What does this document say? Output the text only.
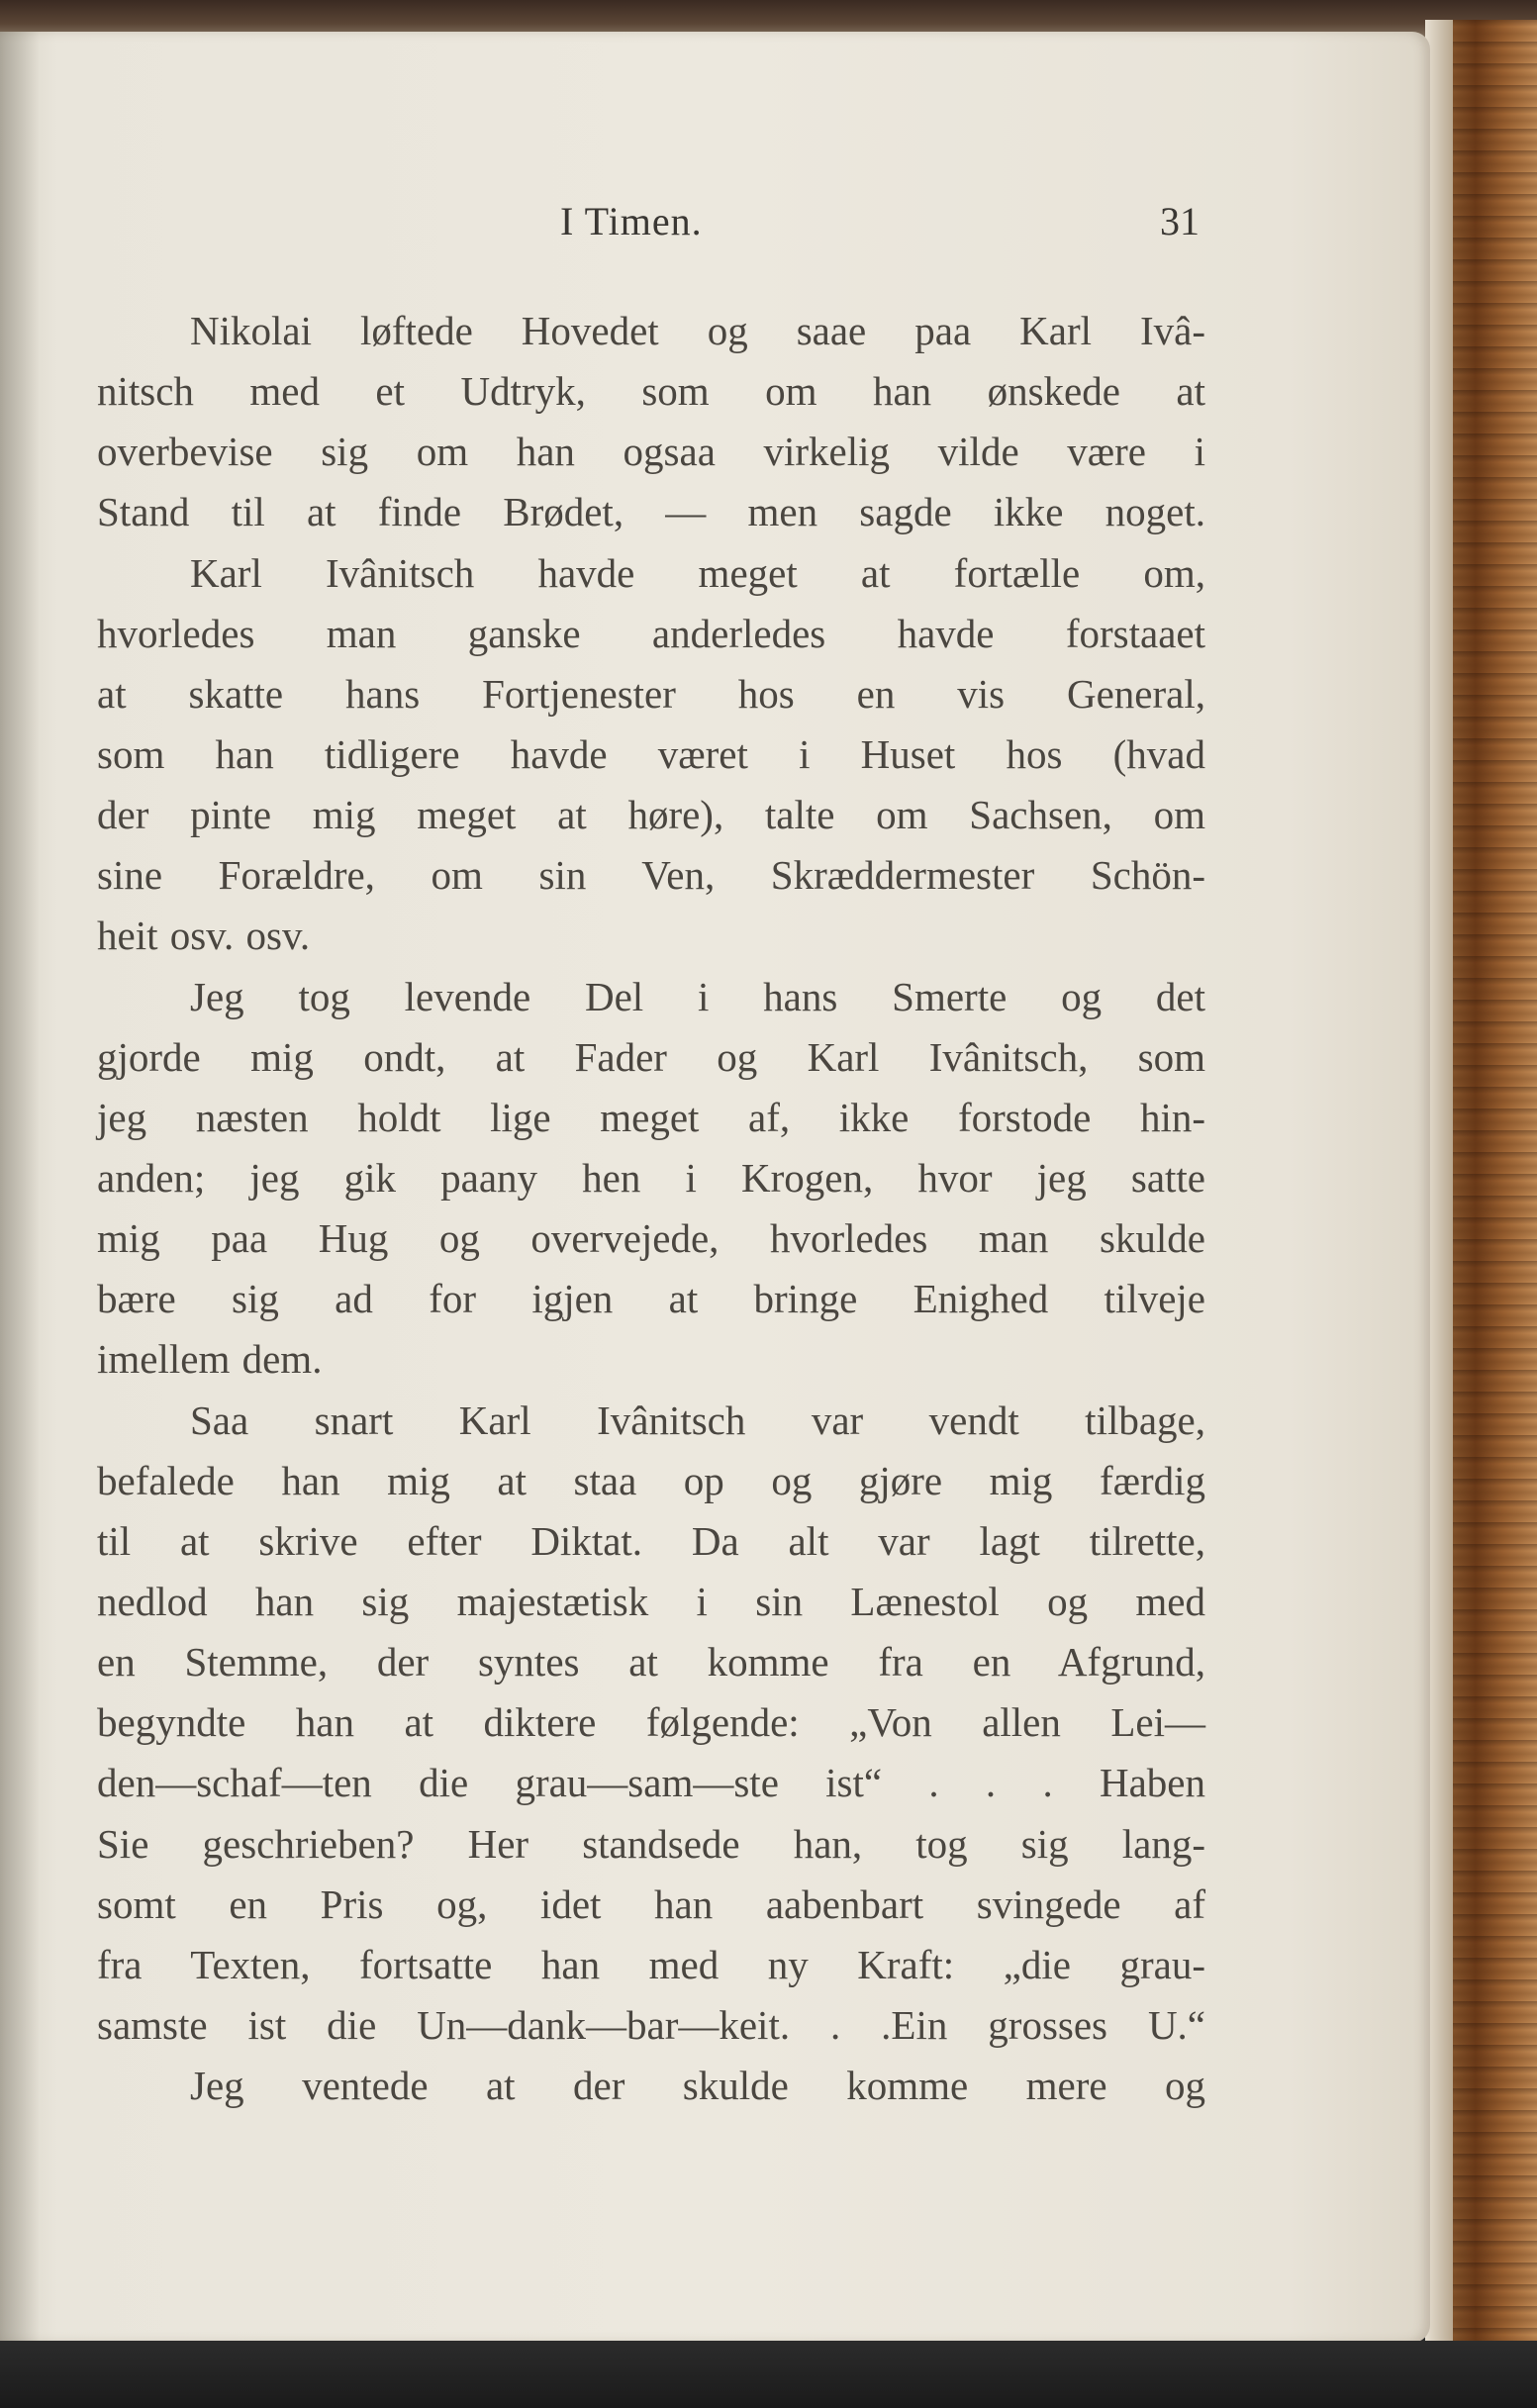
I Timen.	31
Nikolai løftede Hovedet og saae paa Karl Ivâ-
nitsch med et Udtryk, som om han ønskede at
overbevise sig om han ogsaa virkelig vilde være i
Stand til at finde Brødet, — men sagde ikke noget.
Karl Ivânitsch havde meget at fortælle om,
hvorledes man ganske anderledes havde forstaaet
at skatte hans Fortjenester hos en vis General,
som han tidligere havde været i Huset hos (hvad
der pinte mig meget at høre), talte om Sachsen, om
sine Forældre, om sin Ven, Skræddermester Schön-
heit osv. osv.
Jeg tog levende Del i hans Smerte og det
gjorde mig ondt, at Fader og Karl Ivânitsch, som
jeg næsten holdt lige meget af, ikke forstode hin-
anden; jeg gik paany hen i Krogen, hvor jeg satte
mig paa Hug og overvejede, hvorledes man skulde
bære sig ad for igjen at bringe Enighed tilveje
imellem dem.
Saa snart Karl Ivânitsch var vendt tilbage,
befalede han mig at staa op og gjøre mig færdig
til at skrive efter Diktat. Da alt var lagt tilrette,
nedlod han sig majestætisk i sin Lænestol og med
en Stemme, der syntes at komme fra en Afgrund,
begyndte han at diktere følgende: „Von allen Lei—
den—schaf—ten die grau—sam—ste ist“ . . . Haben
Sie geschrieben? Her standsede han, tog sig lang-
somt en Pris og, idet han aabenbart svingede af
fra Texten, fortsatte han med ny Kraft: „die grau-
samste ist die Un—dank—bar—keit. . .Ein grosses U.“
Jeg ventede at der skulde komme mere og
